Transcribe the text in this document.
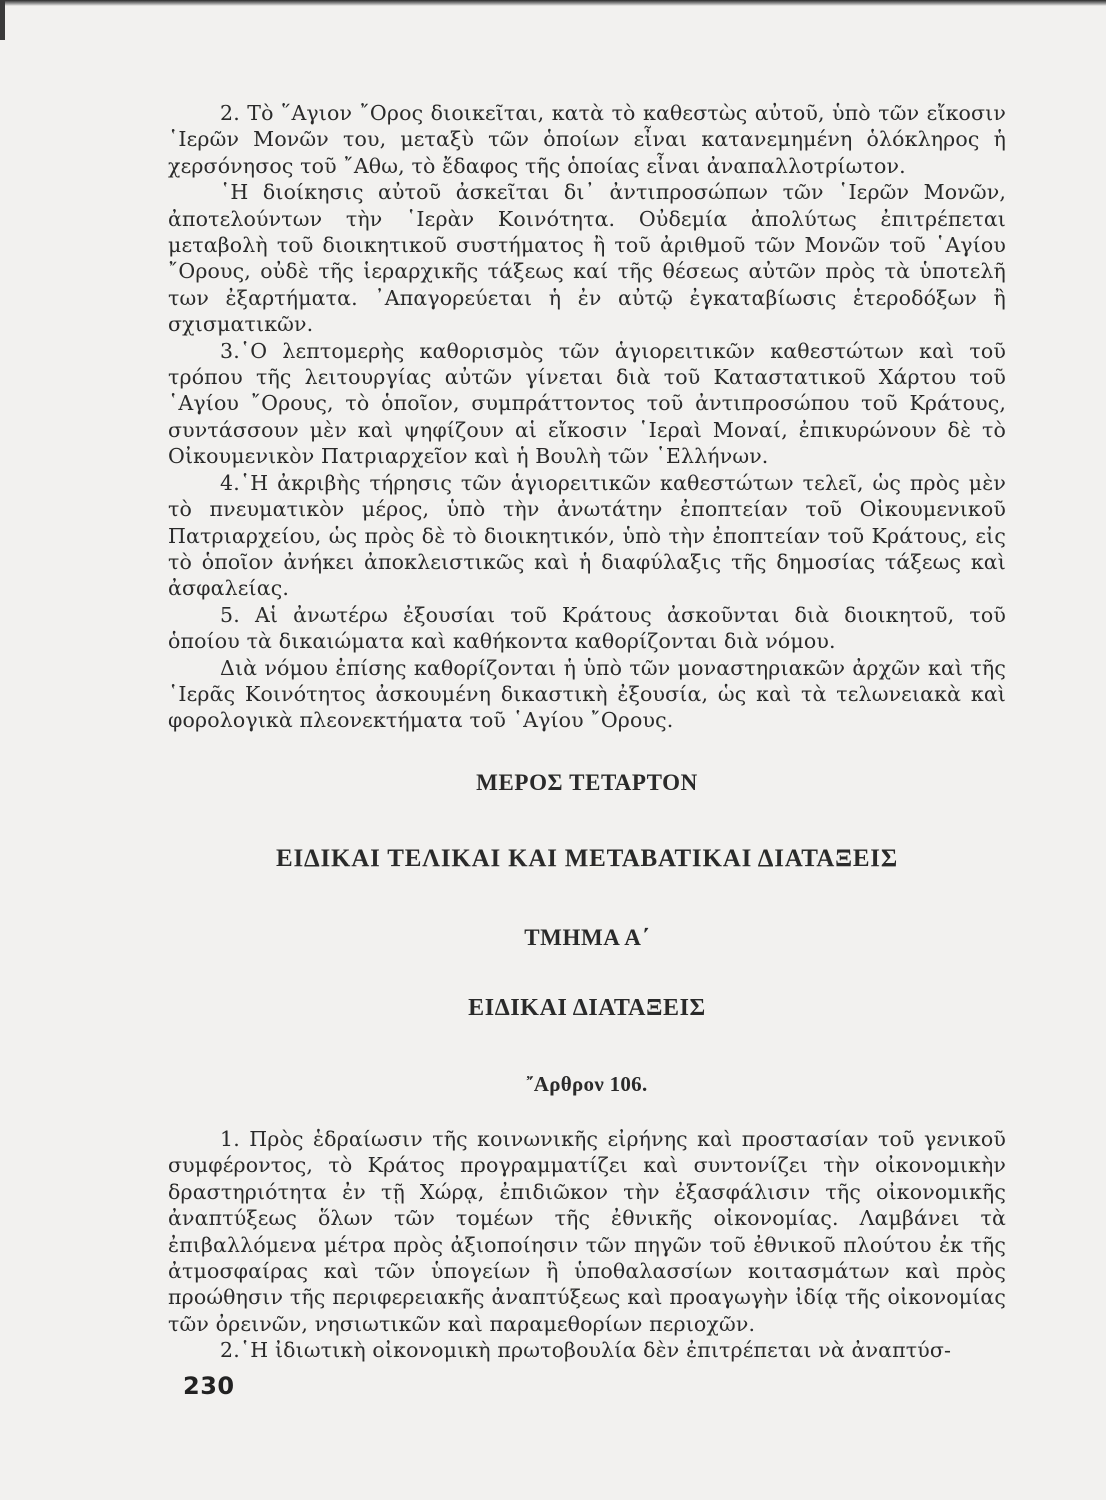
2. Τὸ ῞Αγιον ῎Ορος διοικεῖται, κατὰ τὸ καθεστὼς αὐτοῦ, ὑπὸ τῶν εἴκοσιν ῾Ιερῶν Μονῶν του, μεταξὺ τῶν ὁποίων εἶναι κατανεμημένη ὁλόκληρος ἡ χερσόνησος τοῦ ῎Αθω, τὸ ἔδαφος τῆς ὁποίας εἶναι ἀναπαλλοτρίωτον.

῾Η διοίκησις αὐτοῦ ἀσκεῖται δι᾽ ἀντιπροσώπων τῶν ῾Ιερῶν Μονῶν, ἀποτελούντων τὴν ῾Ιερὰν Κοινότητα. Οὐδεμία ἀπολύτως ἐπιτρέπεται μεταβολὴ τοῦ διοικητικοῦ συστήματος ἢ τοῦ ἀριθμοῦ τῶν Μονῶν τοῦ ῾Αγίου ῎Ορους, οὐδὲ τῆς ἱεραρχικῆς τάξεως καί τῆς θέσεως αὐτῶν πρὸς τὰ ὑποτελῆ των ἐξαρτήματα. ᾿Απαγορεύεται ἡ ἐν αὐτῷ ἐγκαταβίωσις ἑτεροδόξων ἢ σχισματικῶν.

3.῾Ο λεπτομερὴς καθορισμὸς τῶν ἁγιορειτικῶν καθεστώτων καὶ τοῦ τρόπου τῆς λειτουργίας αὐτῶν γίνεται διὰ τοῦ Καταστατικοῦ Χάρτου τοῦ ῾Αγίου ῎Ορους, τὸ ὁποῖον, συμπράττοντος τοῦ ἀντιπροσώπου τοῦ Κράτους, συντάσσουν μὲν καὶ ψηφίζουν αἱ εἴκοσιν ῾Ιεραὶ Μοναί, ἐπικυρώνουν δὲ τὸ Οἰκουμενικὸν Πατριαρχεῖον καὶ ἡ Βουλὴ τῶν ῾Ελλήνων.

4.῾Η ἀκριβὴς τήρησις τῶν ἁγιορειτικῶν καθεστώτων τελεῖ, ὡς πρὸς μὲν τὸ πνευματικὸν μέρος, ὑπὸ τὴν ἀνωτάτην ἐποπτείαν τοῦ Οἰκουμενικοῦ Πατριαρχείου, ὡς πρὸς δὲ τὸ διοικητικόν, ὑπὸ τὴν ἐποπτείαν τοῦ Κράτους, εἰς τὸ ὁποῖον ἀνήκει ἀποκλειστικῶς καὶ ἡ διαφύλαξις τῆς δημοσίας τάξεως καὶ ἀσφαλείας.

5. Αἱ ἀνωτέρω ἐξουσίαι τοῦ Κράτους ἀσκοῦνται διὰ διοικητοῦ, τοῦ ὁποίου τὰ δικαιώματα καὶ καθήκοντα καθορίζονται διὰ νόμου.

Διὰ νόμου ἐπίσης καθορίζονται ἡ ὑπὸ τῶν μοναστηριακῶν ἀρχῶν καὶ τῆς ῾Ιερᾶς Κοινότητος ἀσκουμένη δικαστικὴ ἐξουσία, ὡς καὶ τὰ τελωνειακὰ καὶ φορολογικὰ πλεονεκτήματα τοῦ ῾Αγίου ῎Ορους.

ΜΕΡΟΣ ΤΕΤΑΡΤΟΝ
ΕΙΔΙΚΑΙ ΤΕΛΙΚΑΙ ΚΑΙ ΜΕΤΑΒΑΤΙΚΑΙ ΔΙΑΤΑΞΕΙΣ
ΤΜΗΜΑ Α΄
ΕΙΔΙΚΑΙ ΔΙΑΤΑΞΕΙΣ
῎Αρθρον 106.

1. Πρὸς ἑδραίωσιν τῆς κοινωνικῆς εἰρήνης καὶ προστασίαν τοῦ γενικοῦ συμφέροντος, τὸ Κράτος προγραμματίζει καὶ συντονίζει τὴν οἰκονομικὴν δραστηριότητα ἐν τῇ Χώρᾳ, ἐπιδιῶκον τὴν ἐξασφάλισιν τῆς οἰκονομικῆς ἀναπτύξεως ὅλων τῶν τομέων τῆς ἐθνικῆς οἰκονομίας. Λαμβάνει τὰ ἐπιβαλλόμενα μέτρα πρὸς ἀξιοποίησιν τῶν πηγῶν τοῦ ἐθνικοῦ πλούτου ἐκ τῆς ἀτμοσφαίρας καὶ τῶν ὑπογείων ἢ ὑποθαλασσίων κοιτασμάτων καὶ πρὸς προώθησιν τῆς περιφερειακῆς ἀναπτύξεως καὶ προαγωγὴν ἰδίᾳ τῆς οἰκονομίας τῶν ὀρεινῶν, νησιωτικῶν καὶ παραμεθορίων περιοχῶν.

2.῾Η ἰδιωτικὴ οἰκονομικὴ πρωτοβουλία δὲν ἐπιτρέπεται νὰ ἀναπτύσ-

230
